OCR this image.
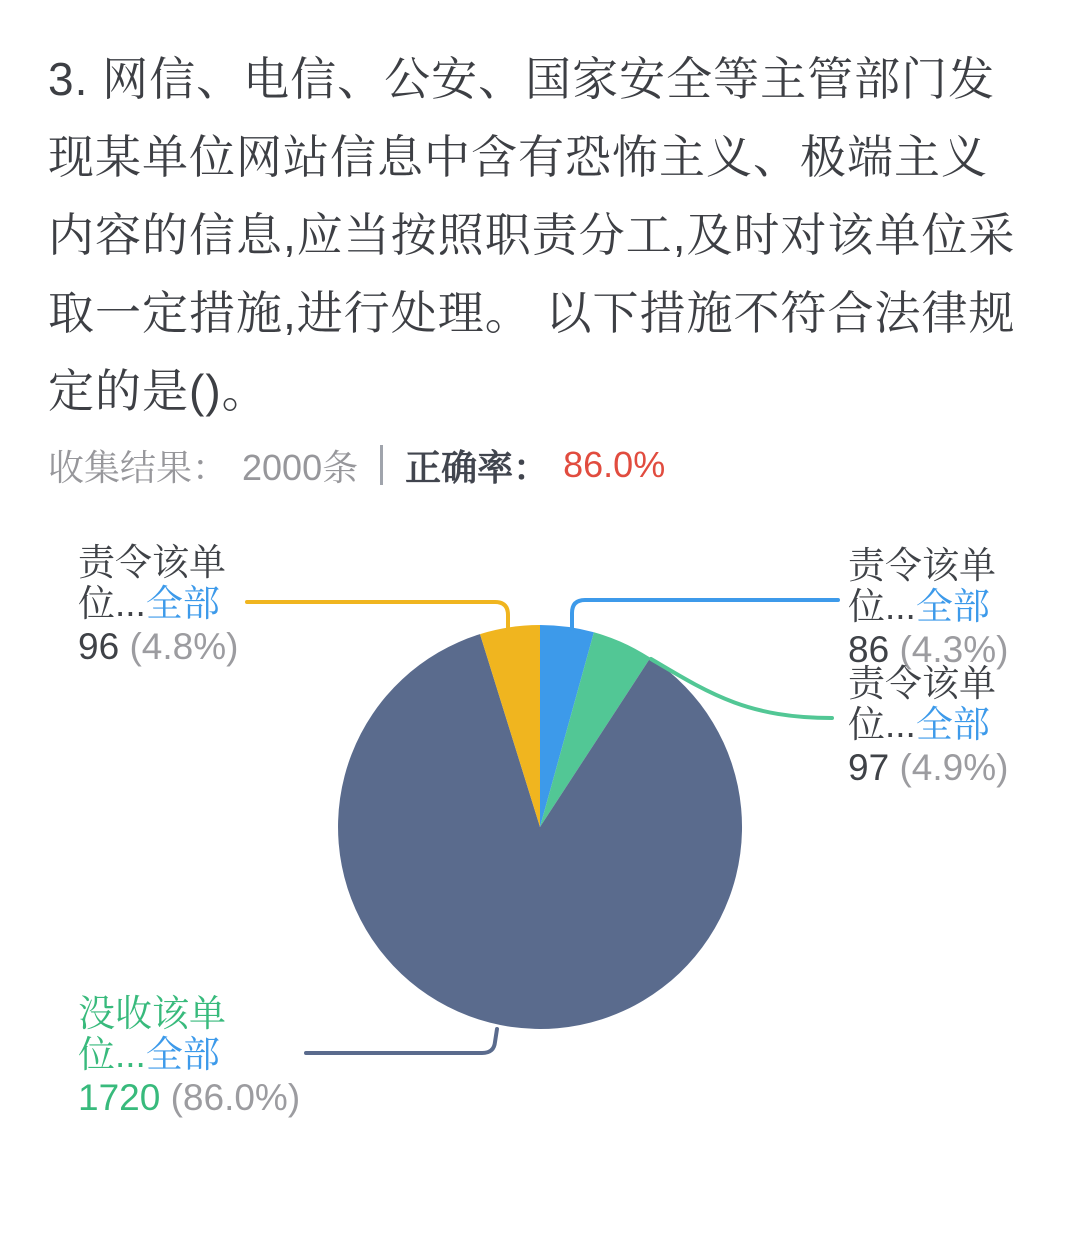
3. 网信、电信、公安、国家安全等主管部门发
现某单位网站信息中含有恐怖主义、极端主义
内容的信息,应当按照职责分工,及时对该单位采
取一定措施,进行处理。 以下措施不符合法律规
定的是()。
收集结果： 2000条 正确率： 86.0%
责令该单
位...全部
96 (4.8%)
责令该单
位...全部
86 (4.3%)
责令该单
位...全部
97 (4.9%)
没收该单
位...全部
1720 (86.0%)
